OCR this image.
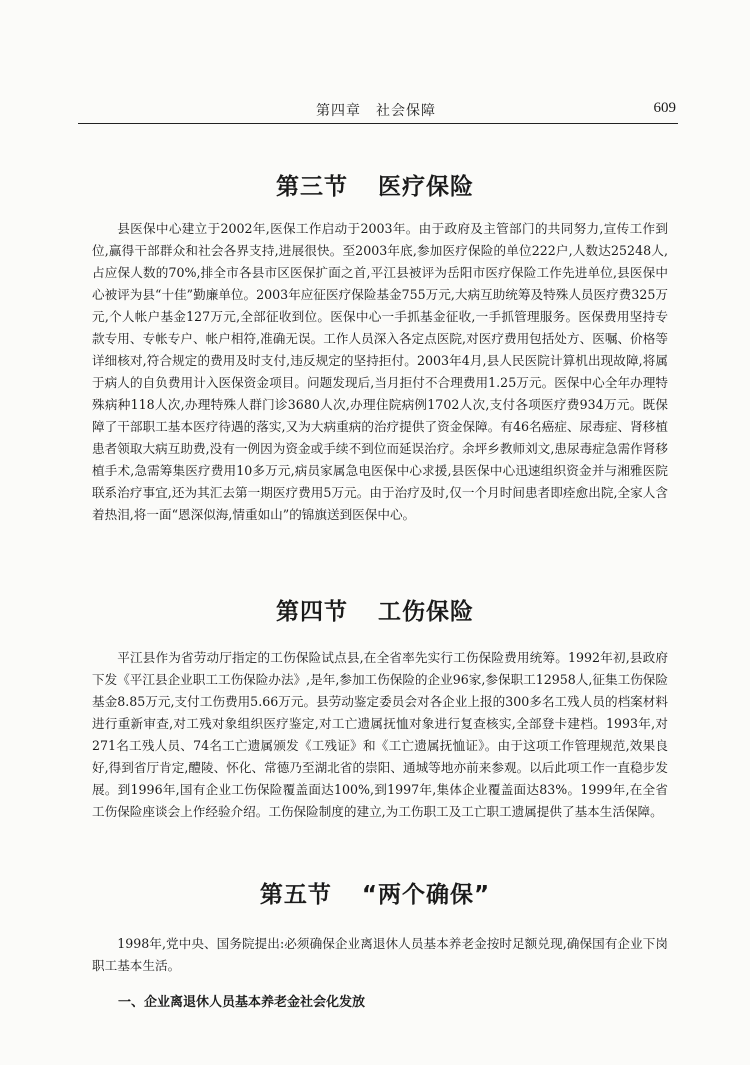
第四章　社会保障	609
第三节 医疗保险

县医保中心建立于2002年,医保工作启动于2003年。由于政府及主管部门的共同努力,宣传工作到位,赢得干部群众和社会各界支持,进展很快。至2003年底,参加医疗保险的单位222户,人数达25248人,占应保人数的70%,排全市各县市区医保扩面之首,平江县被评为岳阳市医疗保险工作先进单位,县医保中心被评为县“十佳”勤廉单位。2003年应征医疗保险基金755万元,大病互助统筹及特殊人员医疗费325万元,个人帐户基金127万元,全部征收到位。医保中心一手抓基金征收,一手抓管理服务。医保费用坚持专款专用、专帐专户、帐户相符,准确无误。工作人员深入各定点医院,对医疗费用包括处方、医嘱、价格等详细核对,符合规定的费用及时支付,违反规定的坚持拒付。2003年4月,县人民医院计算机出现故障,将属于病人的自负费用计入医保资金项目。问题发现后,当月拒付不合理费用1.25万元。医保中心全年办理特殊病种118人次,办理特殊人群门诊3680人次,办理住院病例1702人次,支付各项医疗费934万元。既保障了干部职工基本医疗待遇的落实,又为大病重病的治疗提供了资金保障。有46名癌症、尿毒症、肾移植患者领取大病互助费,没有一例因为资金或手续不到位而延误治疗。余坪乡教师刘文,患尿毒症急需作肾移植手术,急需筹集医疗费用10多万元,病员家属急电医保中心求援,县医保中心迅速组织资金并与湘雅医院联系治疗事宜,还为其汇去第一期医疗费用5万元。由于治疗及时,仅一个月时间患者即痊愈出院,全家人含着热泪,将一面“恩深似海,情重如山”的锦旗送到医保中心。

第四节 工伤保险

平江县作为省劳动厅指定的工伤保险试点县,在全省率先实行工伤保险费用统筹。1992年初,县政府下发《平江县企业职工工伤保险办法》,是年,参加工伤保险的企业96家,参保职工12958人,征集工伤保险基金8.85万元,支付工伤费用5.66万元。县劳动鉴定委员会对各企业上报的300多名工残人员的档案材料进行重新审查,对工残对象组织医疗鉴定,对工亡遗属抚恤对象进行复查核实,全部登卡建档。1993年,对271名工残人员、74名工亡遗属颁发《工残证》和《工亡遗属抚恤证》。由于这项工作管理规范,效果良好,得到省厅肯定,醴陵、怀化、常德乃至湖北省的崇阳、通城等地亦前来参观。以后此项工作一直稳步发展。到1996年,国有企业工伤保险覆盖面达100%,到1997年,集体企业覆盖面达83%。1999年,在全省工伤保险座谈会上作经验介绍。工伤保险制度的建立,为工伤职工及工亡职工遗属提供了基本生活保障。

第五节 “两个确保”

1998年,党中央、国务院提出:必须确保企业离退休人员基本养老金按时足额兑现,确保国有企业下岗职工基本生活。

一、企业离退休人员基本养老金社会化发放
